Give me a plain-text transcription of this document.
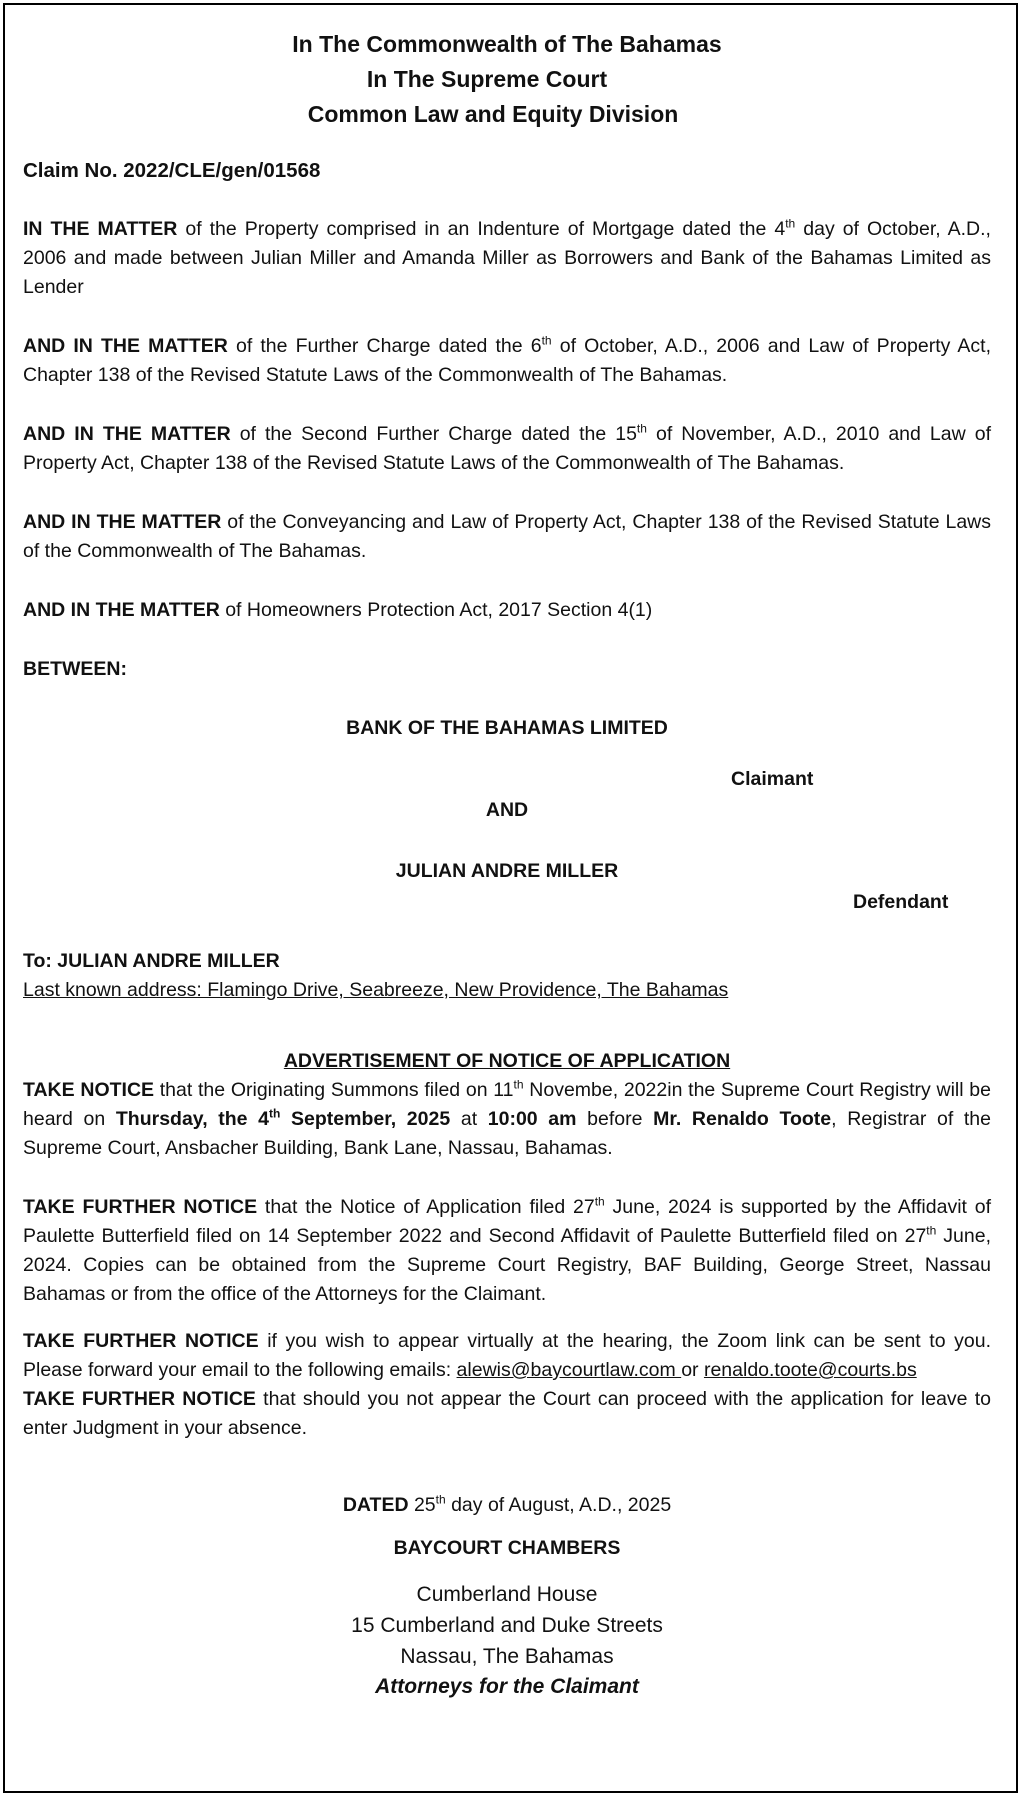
In The Commonwealth of The Bahamas
In The Supreme Court
Common Law and Equity Division
Claim No. 2022/CLE/gen/01568
IN THE MATTER of the Property comprised in an Indenture of Mortgage dated the 4th day of October, A.D., 2006 and made between Julian Miller and Amanda Miller as Borrowers and Bank of the Bahamas Limited as Lender
AND IN THE MATTER of the Further Charge dated the 6th of October, A.D., 2006 and Law of Property Act, Chapter 138 of the Revised Statute Laws of the Commonwealth of The Bahamas.
AND IN THE MATTER of the Second Further Charge dated the 15th of November, A.D., 2010 and Law of Property Act, Chapter 138 of the Revised Statute Laws of the Commonwealth of The Bahamas.
AND IN THE MATTER of the Conveyancing and Law of Property Act, Chapter 138 of the Revised Statute Laws of the Commonwealth of The Bahamas.
AND IN THE MATTER of Homeowners Protection Act, 2017 Section 4(1)
BETWEEN:
BANK OF THE BAHAMAS LIMITED
Claimant
AND
JULIAN ANDRE MILLER
Defendant
To: JULIAN ANDRE MILLER
Last known address: Flamingo Drive, Seabreeze, New Providence, The Bahamas
ADVERTISEMENT OF NOTICE OF APPLICATION
TAKE NOTICE that the Originating Summons filed on 11th Novembe, 2022in the Supreme Court Registry will be heard on Thursday, the 4th September, 2025 at 10:00 am before Mr. Renaldo Toote, Registrar of the Supreme Court, Ansbacher Building, Bank Lane, Nassau, Bahamas.
TAKE FURTHER NOTICE that the Notice of Application filed 27th June, 2024 is supported by the Affidavit of Paulette Butterfield filed on 14 September 2022 and Second Affidavit of Paulette Butterfield filed on 27th June, 2024. Copies can be obtained from the Supreme Court Registry, BAF Building, George Street, Nassau Bahamas or from the office of the Attorneys for the Claimant.
TAKE FURTHER NOTICE if you wish to appear virtually at the hearing, the Zoom link can be sent to you. Please forward your email to the following emails: alewis@baycourtlaw.com or renaldo.toote@courts.bs
TAKE FURTHER NOTICE that should you not appear the Court can proceed with the application for leave to enter Judgment in your absence.
DATED 25th day of August, A.D., 2025
BAYCOURT CHAMBERS
Cumberland House
15 Cumberland and Duke Streets
Nassau, The Bahamas
Attorneys for the Claimant
